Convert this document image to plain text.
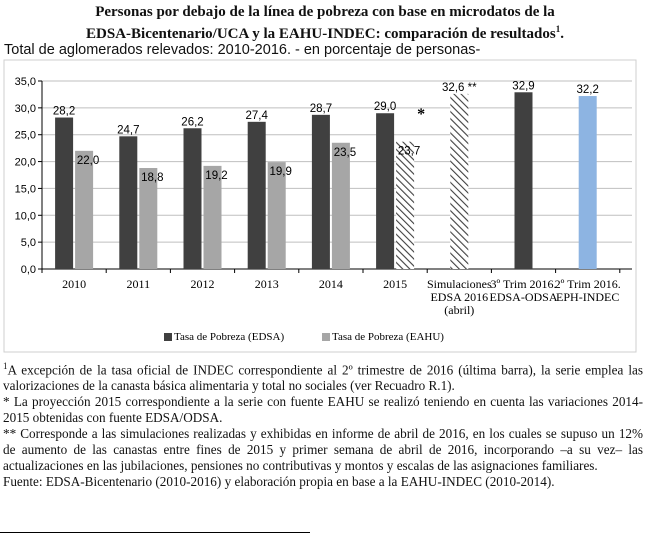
Personas por debajo de la línea de pobreza con base en microdatos de la
EDSA-Bicentenario/UCA y la EAHU-INDEC: comparación de resultados$^1$.
Total de aglomerados relevados: 2010-2016. - en porcentaje de personas-
0,0
5,0
10,0
15,0
20,0
25,0
30,0
35,0
28,2
22,0
24,7
18,8
26,2
19,2
27,4
19,9
28,7
23,5
29,0
23,7
*
32,6 **	32,9	32,2
2010	2011	2012	2013	2014	2015 Simulaciones
EDSA 2016
(abril)
3º Trim 2016.
EDSA-ODSA
2º Trim 2016.
EPH-INDEC
Tasa de Pobreza (EDSA)	Tasa de Pobreza (EAHU)

$^1$A excepción de la tasa oficial de INDEC correspondiente al 2º trimestre de 2016 (última barra), la serie emplea las valorizaciones de la canasta básica alimentaria y total no sociales (ver Recuadro R.1).

* La proyección 2015 correspondiente a la serie con fuente EAHU se realizó teniendo en cuenta las variaciones 2014-2015 obtenidas con fuente EDSA/ODSA.

** Corresponde a las simulaciones realizadas y exhibidas en informe de abril de 2016, en los cuales se supuso un 12% de aumento de las canastas entre fines de 2015 y primer semana de abril de 2016, incorporando –a su vez– las actualizaciones en las jubilaciones, pensiones no contributivas y montos y escalas de las asignaciones familiares.

Fuente: EDSA-Bicentenario (2010-2016) y elaboración propia en base a la EAHU-INDEC (2010-2014).
